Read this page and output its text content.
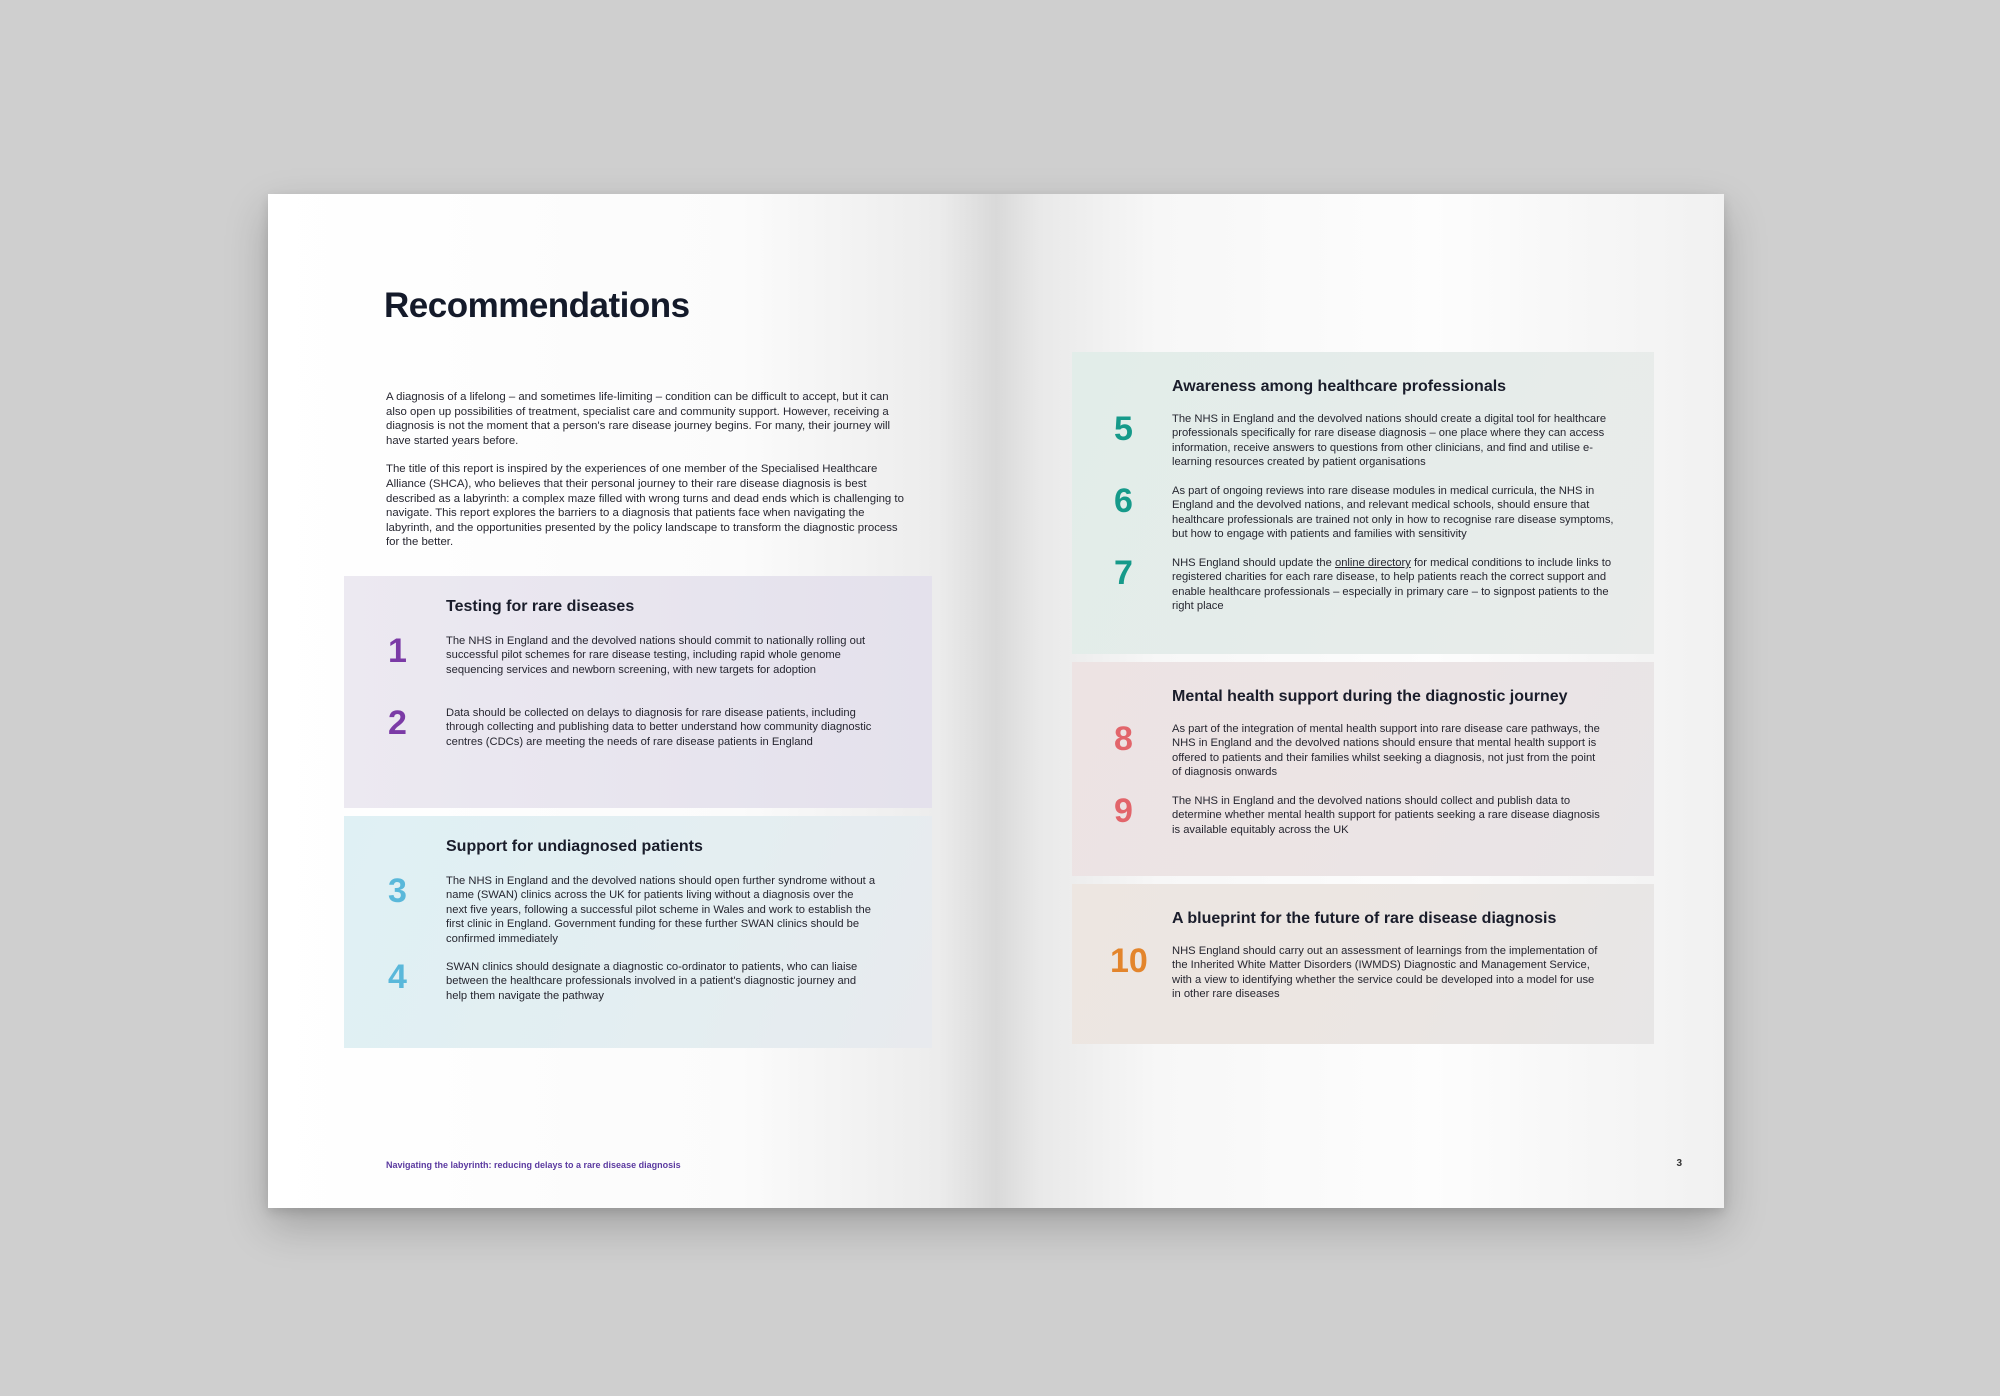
Recommendations

A diagnosis of a lifelong – and sometimes life-limiting – condition can be difficult to accept, but it can also open up possibilities of treatment, specialist care and community support. However, receiving a diagnosis is not the moment that a person's rare disease journey begins. For many, their journey will have started years before.

The title of this report is inspired by the experiences of one member of the Specialised Healthcare Alliance (SHCA), who believes that their personal journey to their rare disease diagnosis is best described as a labyrinth: a complex maze filled with wrong turns and dead ends which is challenging to navigate. This report explores the barriers to a diagnosis that patients face when navigating the labyrinth, and the opportunities presented by the policy landscape to transform the diagnostic process for the better.

Testing for rare diseases
1	The NHS in England and the devolved nations should commit to nationally rolling out successful pilot schemes for rare disease testing, including rapid whole genome sequencing services and newborn screening, with new targets for adoption
2	Data should be collected on delays to diagnosis for rare disease patients, including through collecting and publishing data to better understand how community diagnostic centres (CDCs) are meeting the needs of rare disease patients in England
Support for undiagnosed patients
3	The NHS in England and the devolved nations should open further syndrome without a name (SWAN) clinics across the UK for patients living without a diagnosis over the next five years, following a successful pilot scheme in Wales and work to establish the first clinic in England. Government funding for these further SWAN clinics should be confirmed immediately
4	SWAN clinics should designate a diagnostic co-ordinator to patients, who can liaise between the healthcare professionals involved in a patient's diagnostic journey and help them navigate the pathway
Navigating the labyrinth: reducing delays to a rare disease diagnosis
Awareness among healthcare professionals
5	The NHS in England and the devolved nations should create a digital tool for healthcare professionals specifically for rare disease diagnosis – one place where they can access information, receive answers to questions from other clinicians, and find and utilise e-learning resources created by patient organisations
6	As part of ongoing reviews into rare disease modules in medical curricula, the NHS in England and the devolved nations, and relevant medical schools, should ensure that healthcare professionals are trained not only in how to recognise rare disease symptoms, but how to engage with patients and families with sensitivity
7	NHS England should update the online directory for medical conditions to include links to registered charities for each rare disease, to help patients reach the correct support and enable healthcare professionals – especially in primary care – to signpost patients to the right place
Mental health support during the diagnostic journey
8	As part of the integration of mental health support into rare disease care pathways, the NHS in England and the devolved nations should ensure that mental health support is offered to patients and their families whilst seeking a diagnosis, not just from the point of diagnosis onwards
9	The NHS in England and the devolved nations should collect and publish data to determine whether mental health support for patients seeking a rare disease diagnosis is available equitably across the UK
A blueprint for the future of rare disease diagnosis
10 NHS England should carry out an assessment of learnings from the implementation of the Inherited White Matter Disorders (IWMDS) Diagnostic and Management Service, with a view to identifying whether the service could be developed into a model for use in other rare diseases
3
